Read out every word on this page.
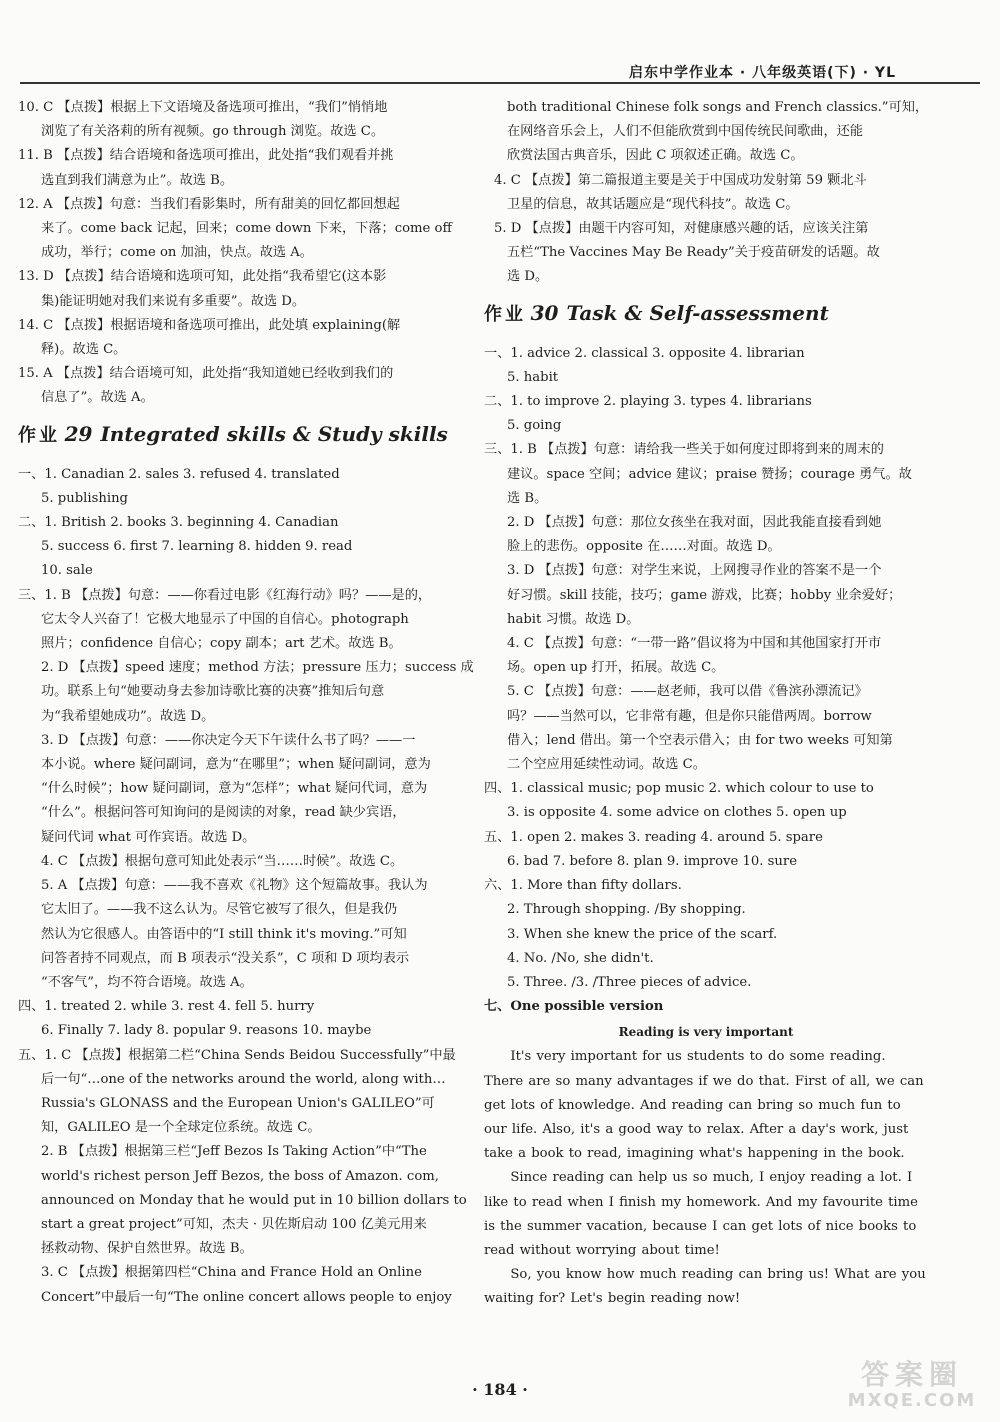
启东中学作业本 · 八年级英语(下) · YL

10. C 【点拨】根据上下文语境及备选项可推出，“我们”悄悄地

浏览了有关洛莉的所有视频。go through 浏览。故选 C。

11. B 【点拨】结合语境和备选项可推出，此处指“我们观看并挑

选直到我们满意为止”。故选 B。

12. A 【点拨】句意：当我们看影集时，所有甜美的回忆都回想起

来了。come back 记起，回来；come down 下来，下落；come off

成功，举行；come on 加油，快点。故选 A。

13. D 【点拨】结合语境和选项可知，此处指“我希望它(这本影

集)能证明她对我们来说有多重要”。故选 D。

14. C 【点拨】根据语境和备选项可推出，此处填 explaining(解

释)。故选 C。

15. A 【点拨】结合语境可知，此处指“我知道她已经收到我们的

信息了”。故选 A。

作业 29 Integrated skills & Study skills

一、1. Canadian 2. sales 3. refused 4. translated

5. publishing

二、1. British 2. books 3. beginning 4. Canadian

5. success 6. first 7. learning 8. hidden 9. read

10. sale

三、1. B 【点拨】句意：——你看过电影《红海行动》吗？——是的，

它太令人兴奋了！它极大地显示了中国的自信心。photograph

照片；confidence 自信心；copy 副本；art 艺术。故选 B。

2. D 【点拨】speed 速度；method 方法；pressure 压力；success 成

功。联系上句“她要动身去参加诗歌比赛的决赛”推知后句意

为“我希望她成功”。故选 D。

3. D 【点拨】句意：——你决定今天下午读什么书了吗？——一

本小说。where 疑问副词，意为“在哪里”；when 疑问副词，意为

“什么时候”；how 疑问副词，意为“怎样”；what 疑问代词，意为

“什么”。根据问答可知询问的是阅读的对象，read 缺少宾语，

疑问代词 what 可作宾语。故选 D。

4. C 【点拨】根据句意可知此处表示“当……时候”。故选 C。

5. A 【点拨】句意：——我不喜欢《礼物》这个短篇故事。我认为

它太旧了。——我不这么认为。尽管它被写了很久，但是我仍

然认为它很感人。由答语中的“I still think it's moving.”可知

问答者持不同观点，而 B 项表示“没关系”，C 项和 D 项均表示

“不客气”，均不符合语境。故选 A。

四、1. treated 2. while 3. rest 4. fell 5. hurry

6. Finally 7. lady 8. popular 9. reasons 10. maybe

五、1. C 【点拨】根据第二栏“China Sends Beidou Successfully”中最

后一句“…one of the networks around the world, along with…

Russia's GLONASS and the European Union's GALILEO”可

知，GALILEO 是一个全球定位系统。故选 C。

2. B 【点拨】根据第三栏“Jeff Bezos Is Taking Action”中“The

world's richest person Jeff Bezos, the boss of Amazon. com,

announced on Monday that he would put in 10 billion dollars to

start a great project”可知，杰夫 · 贝佐斯启动 100 亿美元用来

拯救动物、保护自然世界。故选 B。

3. C 【点拨】根据第四栏“China and France Hold an Online

Concert”中最后一句“The online concert allows people to enjoy

both traditional Chinese folk songs and French classics.”可知，

在网络音乐会上，人们不但能欣赏到中国传统民间歌曲，还能

欣赏法国古典音乐，因此 C 项叙述正确。故选 C。

4. C 【点拨】第二篇报道主要是关于中国成功发射第 59 颗北斗

卫星的信息，故其话题应是“现代科技”。故选 C。

5. D 【点拨】由题干内容可知，对健康感兴趣的话，应该关注第

五栏“The Vaccines May Be Ready”关于疫苗研发的话题。故

选 D。

作业 30 Task & Self-assessment

一、1. advice 2. classical 3. opposite 4. librarian

5. habit

二、1. to improve 2. playing 3. types 4. librarians

5. going

三、1. B 【点拨】句意：请给我一些关于如何度过即将到来的周末的

建议。space 空间；advice 建议；praise 赞扬；courage 勇气。故

选 B。

2. D 【点拨】句意：那位女孩坐在我对面，因此我能直接看到她

脸上的悲伤。opposite 在……对面。故选 D。

3. D 【点拨】句意：对学生来说，上网搜寻作业的答案不是一个

好习惯。skill 技能，技巧；game 游戏，比赛；hobby 业余爱好；

habit 习惯。故选 D。

4. C 【点拨】句意：“一带一路”倡议将为中国和其他国家打开市

场。open up 打开，拓展。故选 C。

5. C 【点拨】句意：——赵老师，我可以借《鲁滨孙漂流记》

吗？——当然可以，它非常有趣，但是你只能借两周。borrow

借入；lend 借出。第一个空表示借入；由 for two weeks 可知第

二个空应用延续性动词。故选 C。

四、1. classical music; pop music 2. which colour to use to

3. is opposite 4. some advice on clothes 5. open up

五、1. open 2. makes 3. reading 4. around 5. spare

6. bad 7. before 8. plan 9. improve 10. sure

六、1. More than fifty dollars.

2. Through shopping. /By shopping.

3. When she knew the price of the scarf.

4. No. /No, she didn't.

5. Three. /3. /Three pieces of advice.

七、One possible version

Reading is very important

It's very important for us students to do some reading. There are so many advantages if we do that. First of all, we can get lots of knowledge. And reading can bring so much fun to our life. Also, it's a good way to relax. After a day's work, just take a book to read, imagining what's happening in the book.

Since reading can help us so much, I enjoy reading a lot. I like to read when I finish my homework. And my favourite time is the summer vacation, because I can get lots of nice books to read without worrying about time!

So, you know how much reading can bring us! What are you waiting for? Let's begin reading now!

· 184 ·	答案圈
MXQE.COM
